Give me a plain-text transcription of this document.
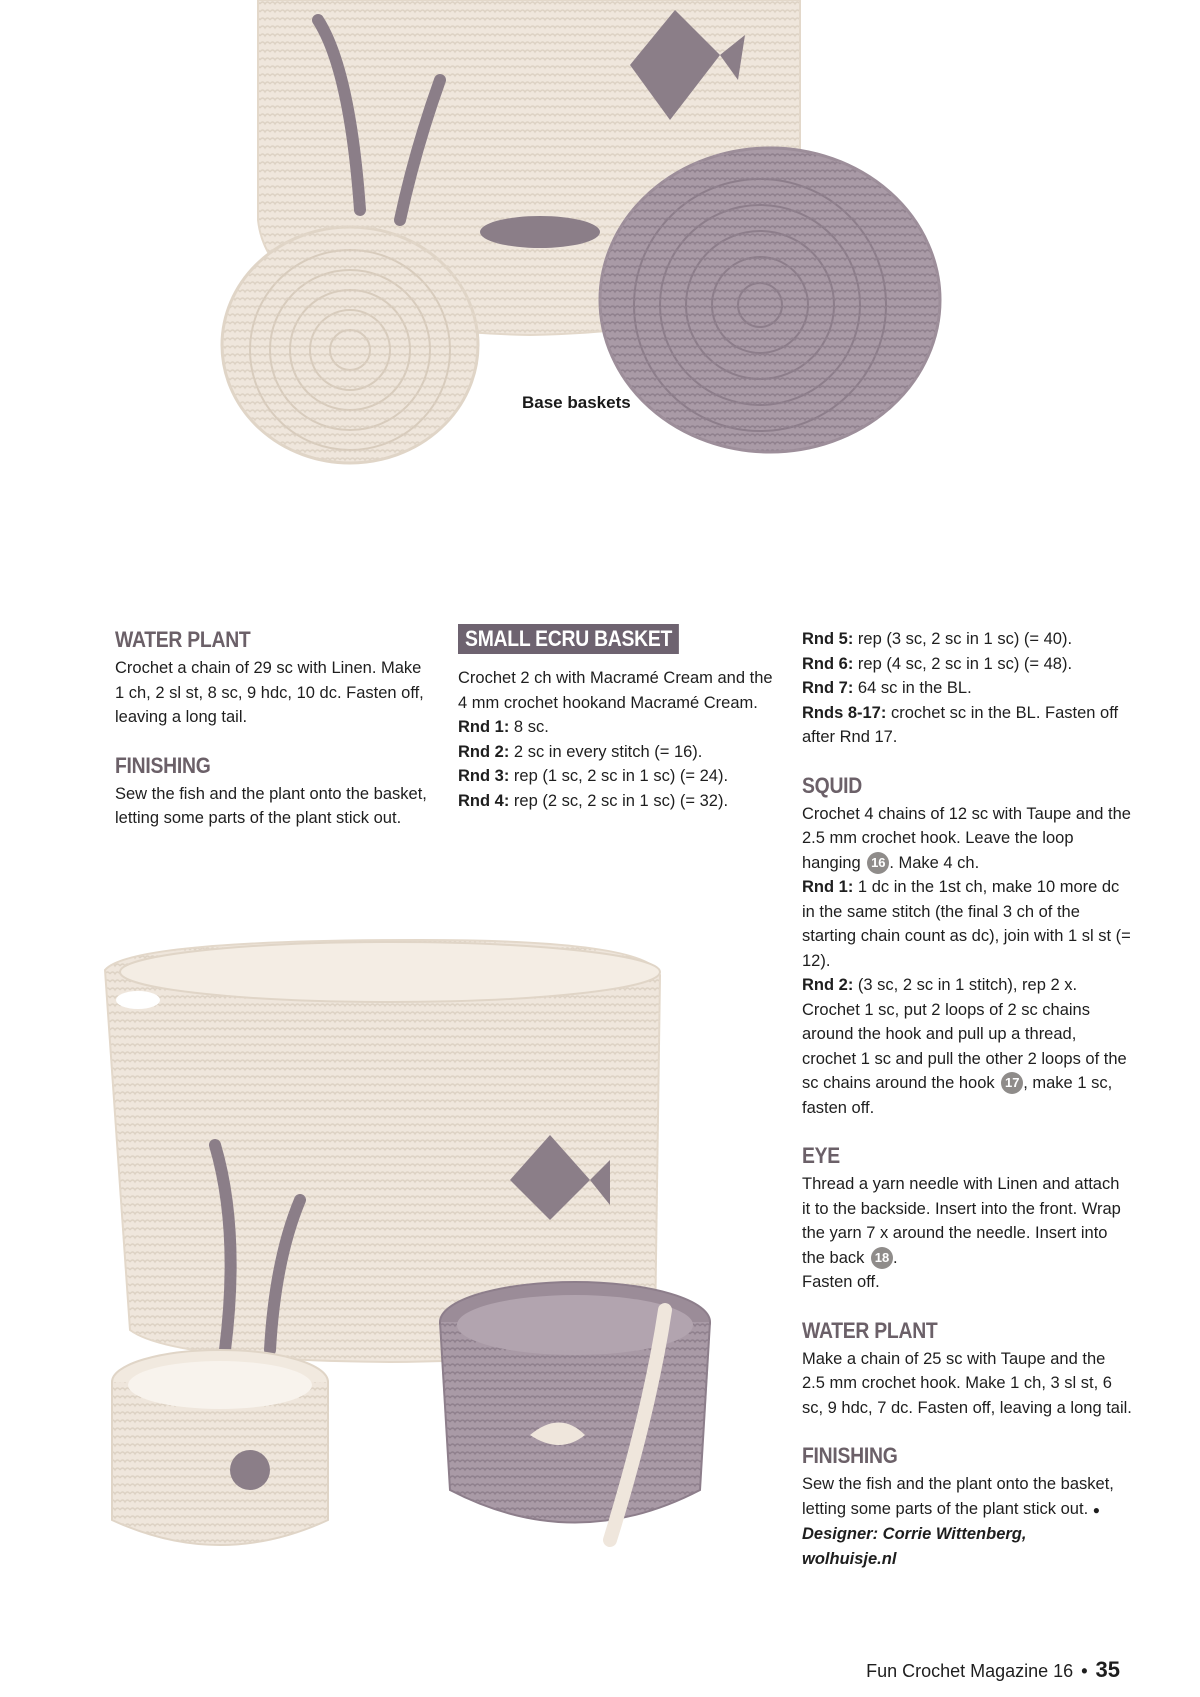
Base baskets
WATER PLANT

Crochet a chain of 29 sc with Linen. Make 1 ch, 2 sl st, 8 sc, 9 hdc, 10 dc. Fasten off, leaving a long tail.

FINISHING

Sew the fish and the plant onto the basket, letting some parts of the plant stick out.

SMALL ECRU BASKET

Crochet 2 ch with Macramé Cream and the 4 mm crochet hookand Macramé Cream.

Rnd 1: 8 sc.

Rnd 2: 2 sc in every stitch (= 16).

Rnd 3: rep (1 sc, 2 sc in 1 sc) (= 24).

Rnd 4: rep (2 sc, 2 sc in 1 sc) (= 32).

Rnd 5: rep (3 sc, 2 sc in 1 sc) (= 40).

Rnd 6: rep (4 sc, 2 sc in 1 sc) (= 48).

Rnd 7: 64 sc in the BL.

Rnds 8-17: crochet sc in the BL. Fasten off after Rnd 17.

SQUID

Crochet 4 chains of 12 sc with Taupe and the 2.5 mm crochet hook. Leave the loop hanging 16 . Make 4 ch.

Rnd 1: 1 dc in the 1st ch, make 10 more dc in the same stitch (the final 3 ch of the starting chain count as dc), join with 1 sl st (= 12).

Rnd 2: (3 sc, 2 sc in 1 stitch), rep 2 x. Crochet 1 sc, put 2 loops of 2 sc chains around the hook and pull up a thread, crochet 1 sc and pull the other 2 loops of the sc chains around the hook 17 , make 1 sc, fasten off.

EYE

Thread a yarn needle with Linen and attach it to the backside. Insert into the front. Wrap the yarn 7 x around the needle. Insert into the back 18 .

Fasten off.

WATER PLANT

Make a chain of 25 sc with Taupe and the 2.5 mm crochet hook. Make 1 ch, 3 sl st, 6 sc, 9 hdc, 7 dc. Fasten off, leaving a long tail.

FINISHING

Sew the fish and the plant onto the basket, letting some parts of the plant stick out. ●

Designer: Corrie Wittenberg,

wolhuisje.nl

Fun Crochet Magazine 16 • 35
